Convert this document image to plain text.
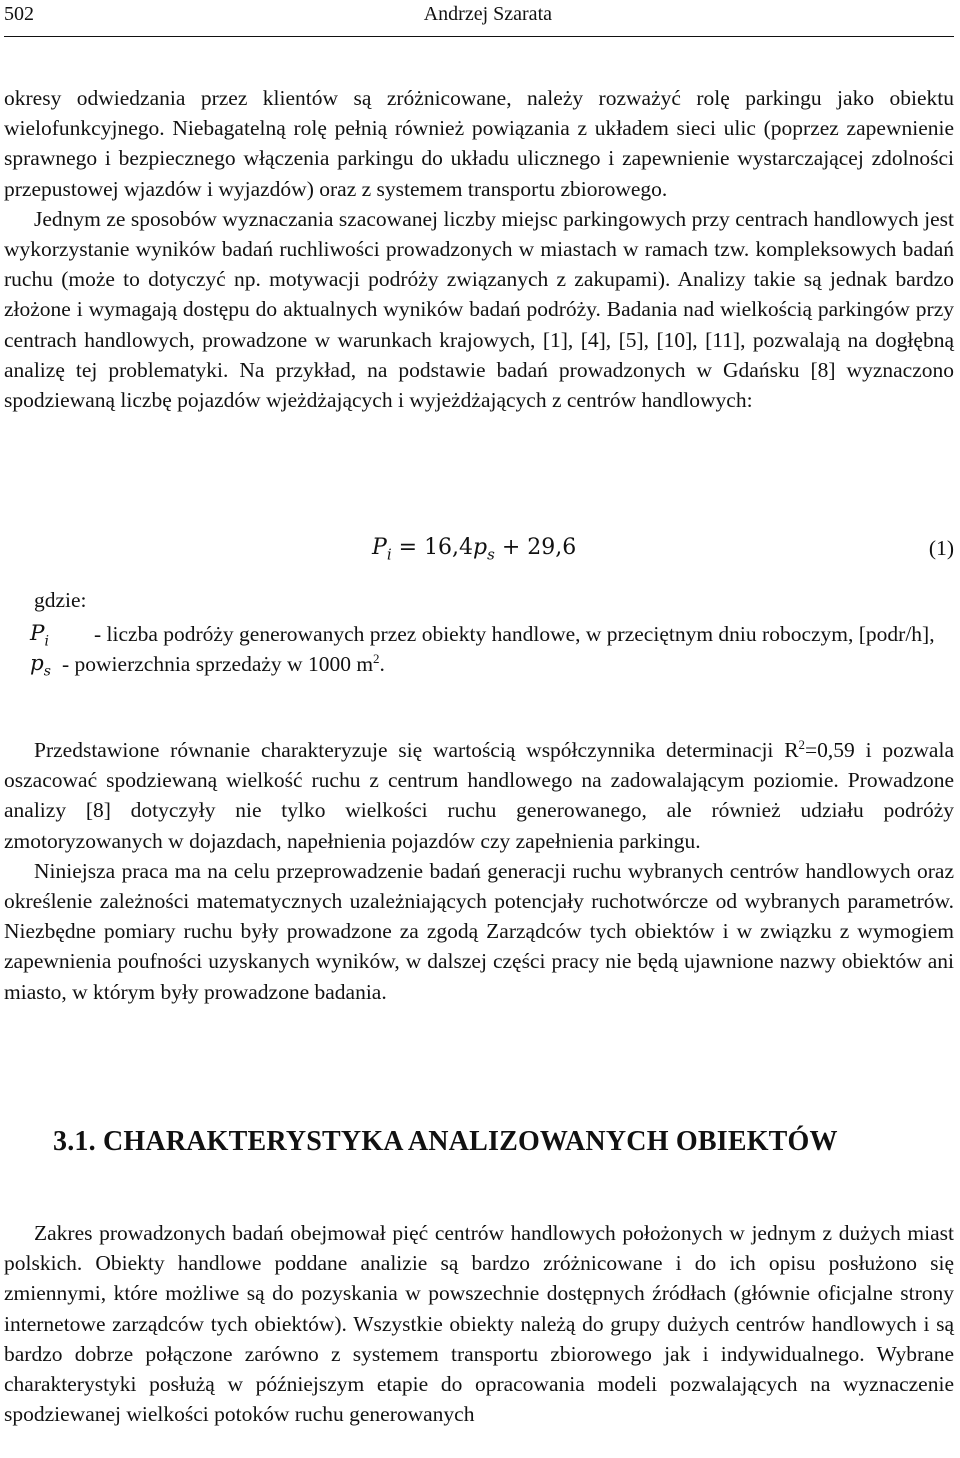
502	Andrzej Szarata

okresy odwiedzania przez klientów są zróżnicowane, należy rozważyć rolę parkingu jako obiektu wielofunkcyjnego. Niebagatelną rolę pełnią również powiązania z układem sieci ulic (poprzez zapewnienie sprawnego i bezpiecznego włączenia parkingu do układu ulicznego i zapewnienie wystarczającej zdolności przepustowej wjazdów i wyjazdów) oraz z systemem transportu zbiorowego.

Jednym ze sposobów wyznaczania szacowanej liczby miejsc parkingowych przy centrach handlowych jest wykorzystanie wyników badań ruchliwości prowadzonych w miastach w ramach tzw. kompleksowych badań ruchu (może to dotyczyć np. motywacji podróży związanych z zakupami). Analizy takie są jednak bardzo złożone i wymagają dostępu do aktualnych wyników badań podróży. Badania nad wielkością parkingów przy centrach handlowych, prowadzone w warunkach krajowych, [1], [4], [5], [10], [11], pozwalają na dogłębną analizę tej problematyki. Na przykład, na podstawie badań prowadzonych w Gdańsku [8] wyznaczono spodziewaną liczbę pojazdów wjeżdżających i wyjeżdżających z centrów handlowych:

$P_i = 16,4p_s + 29,6$	(1)
gdzie:
$P_i$ - liczba podróży generowanych przez obiekty handlowe, w przeciętnym dniu roboczym, [podr/h],
$p_s$ - powierzchnia sprzedaży w 1000 $m^2$.

Przedstawione równanie charakteryzuje się wartością współczynnika determinacji $R^2=0,59$ i pozwala oszacować spodziewaną wielkość ruchu z centrum handlowego na zadowalającym poziomie. Prowadzone analizy [8] dotyczyły nie tylko wielkości ruchu generowanego, ale również udziału podróży zmotoryzowanych w dojazdach, napełnienia pojazdów czy zapełnienia parkingu.

Niniejsza praca ma na celu przeprowadzenie badań generacji ruchu wybranych centrów handlowych oraz określenie zależności matematycznych uzależniających potencjały ruchotwórcze od wybranych parametrów. Niezbędne pomiary ruchu były prowadzone za zgodą Zarządców tych obiektów i w związku z wymogiem zapewnienia poufności uzyskanych wyników, w dalszej części pracy nie będą ujawnione nazwy obiektów ani miasto, w którym były prowadzone badania.

3.1. CHARAKTERYSTYKA ANALIZOWANYCH OBIEKTÓW

Zakres prowadzonych badań obejmował pięć centrów handlowych położonych w jednym z dużych miast polskich. Obiekty handlowe poddane analizie są bardzo zróżnicowane i do ich opisu posłużono się zmiennymi, które możliwe są do pozyskania w powszechnie dostępnych źródłach (głównie oficjalne strony internetowe zarządców tych obiektów). Wszystkie obiekty należą do grupy dużych centrów handlowych i są bardzo dobrze połączone zarówno z systemem transportu zbiorowego jak i indywidualnego. Wybrane charakterystyki posłużą w późniejszym etapie do opracowania modeli pozwalających na wyznaczenie spodziewanej wielkości potoków ruchu generowanych
